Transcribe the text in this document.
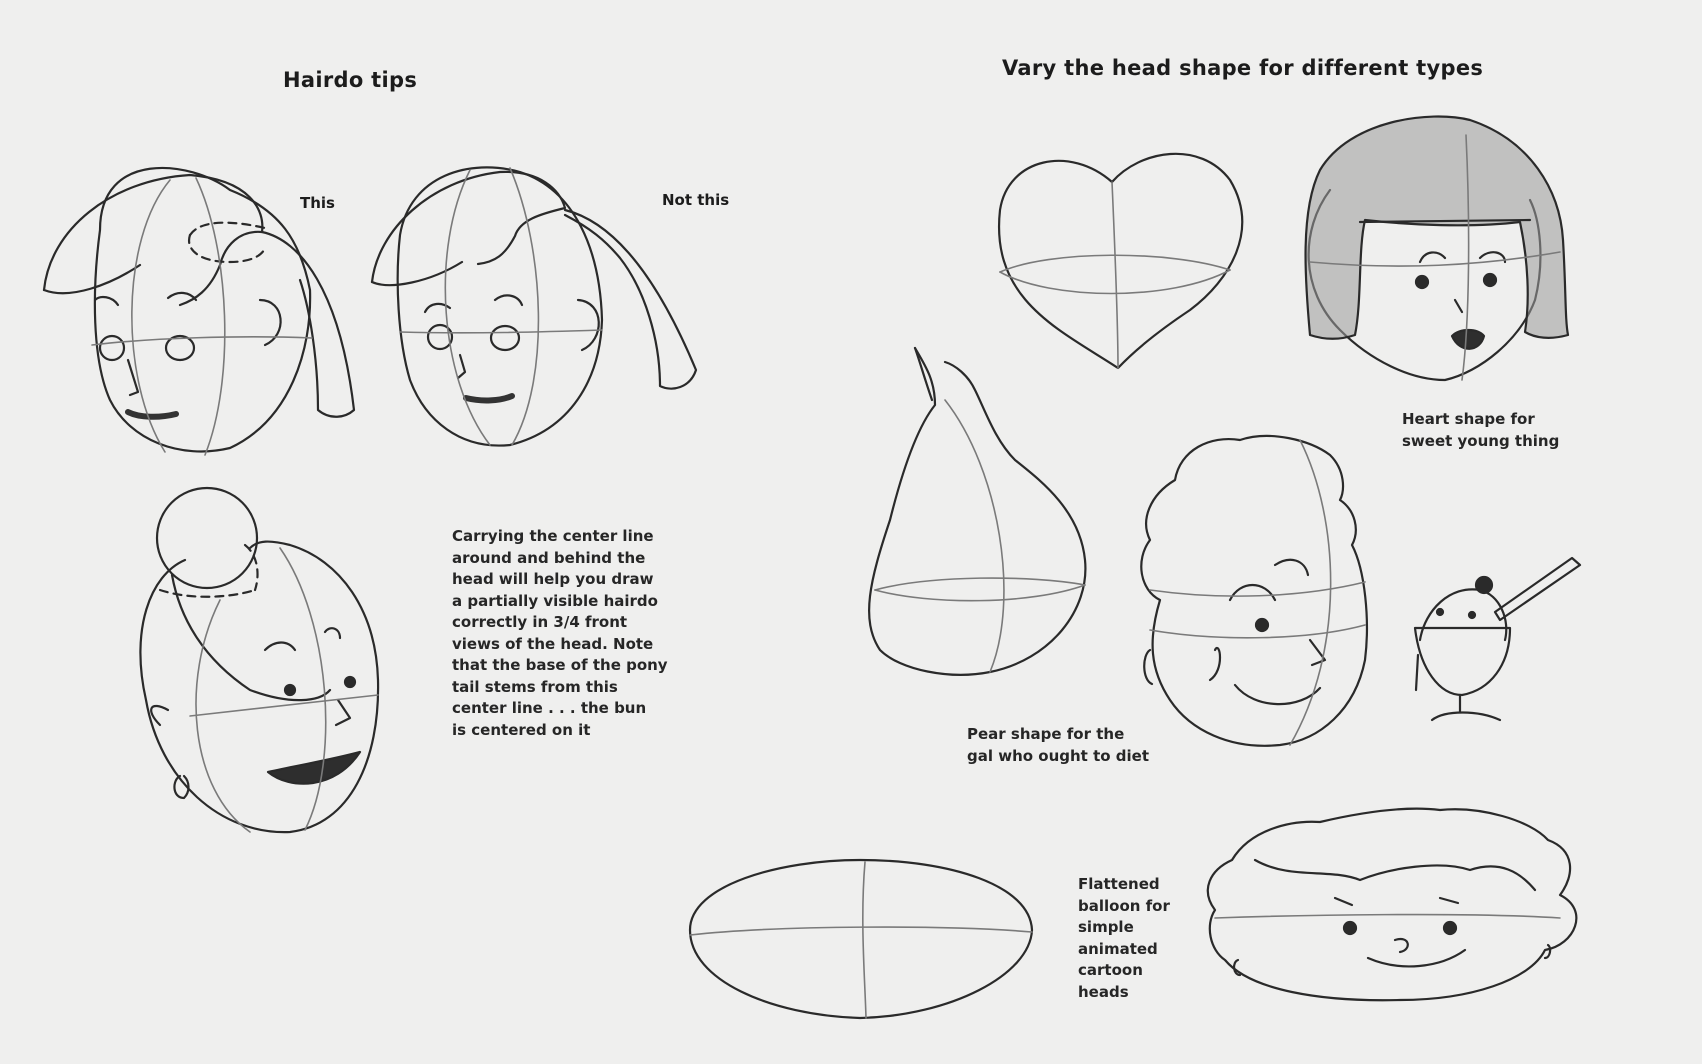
Hairdo tips	Vary the head shape for different types
This	Not this
Carrying the center line
around and behind the
head will help you draw
a partially visible hairdo
correctly in 3/4 front
views of the head. Note
that the base of the pony
tail stems from this
center line . . . the bun
is centered on it
Heart shape for
sweet young thing
Pear shape for the
gal who ought to diet
Flattened
balloon for
simple
animated
cartoon
heads
